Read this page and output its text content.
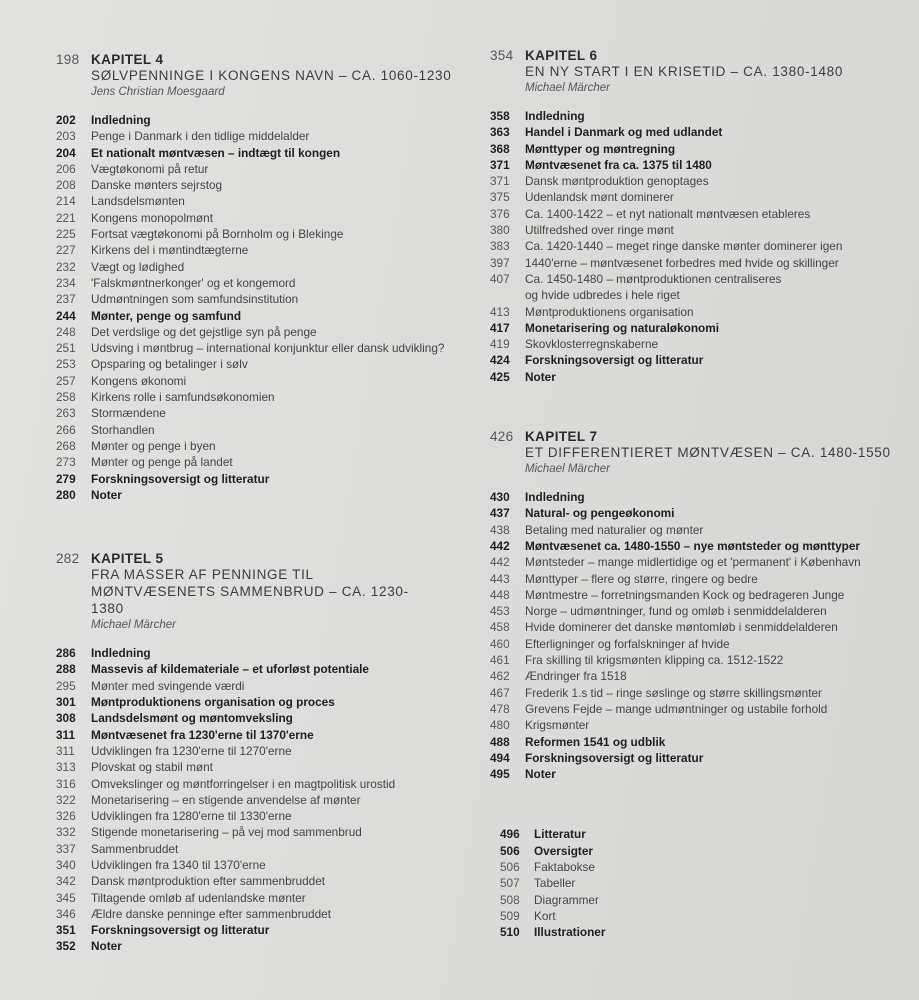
198 KAPITEL 4
SØLVPENNINGE I KONGENS NAVN – CA. 1060-1230
Jens Christian Moesgaard
202	Indledning
203	Penge i Danmark i den tidlige middelalder
204	Et nationalt møntvæsen – indtægt til kongen
206	Vægtøkonomi på retur
208	Danske mønters sejrstog
214	Landsdelsmønten
221	Kongens monopolmønt
225	Fortsat vægtøkonomi på Bornholm og i Blekinge
227	Kirkens del i møntindtægterne
232	Vægt og lødighed
234	'Falskmøntnerkonger' og et kongemord
237	Udmøntningen som samfundsinstitution
244	Mønter, penge og samfund
248	Det verdslige og det gejstlige syn på penge
251	Udsving i møntbrug – international konjunktur eller dansk udvikling?
253	Opsparing og betalinger i sølv
257	Kongens økonomi
258	Kirkens rolle i samfundsøkonomien
263	Stormændene
266	Storhandlen
268	Mønter og penge i byen
273	Mønter og penge på landet
279	Forskningsoversigt og litteratur
280	Noter
282 KAPITEL 5
FRA MASSER AF PENNINGE TIL MØNTVÆSENETS SAMMENBRUD – CA. 1230-1380
Michael Märcher
286	Indledning
288	Massevis af kildemateriale – et uforløst potentiale
295	Mønter med svingende værdi
301	Møntproduktionens organisation og proces
308	Landsdelsmønt og møntomveksling
311	Møntvæsenet fra 1230'erne til 1370'erne
311	Udviklingen fra 1230'erne til 1270'erne
313	Plovskat og stabil mønt
316	Omvekslinger og møntforringelser i en magtpolitisk urostid
322	Monetarisering – en stigende anvendelse af mønter
326	Udviklingen fra 1280'erne til 1330'erne
332	Stigende monetarisering – på vej mod sammenbrud
337	Sammenbruddet
340	Udviklingen fra 1340 til 1370'erne
342	Dansk møntproduktion efter sammenbruddet
345	Tiltagende omløb af udenlandske mønter
346	Ældre danske penninge efter sammenbruddet
351	Forskningsoversigt og litteratur
352	Noter
354 KAPITEL 6
EN NY START I EN KRISETID – CA. 1380-1480
Michael Märcher
358	Indledning
363	Handel i Danmark og med udlandet
368	Mønttyper og møntregning
371	Møntvæsenet fra ca. 1375 til 1480
371	Dansk møntproduktion genoptages
375	Udenlandsk mønt dominerer
376	Ca. 1400-1422 – et nyt nationalt møntvæsen etableres
380	Utilfredshed over ringe mønt
383	Ca. 1420-1440 – meget ringe danske mønter dominerer igen
397	1440'erne – møntvæsenet forbedres med hvide og skillinger
407	Ca. 1450-1480 – møntproduktionen centraliseres
og hvide udbredes i hele riget
413	Møntproduktionens organisation
417	Monetarisering og naturaløkonomi
419	Skovklosterregnskaberne
424	Forskningsoversigt og litteratur
425	Noter
426 KAPITEL 7
ET DIFFERENTIERET MØNTVÆSEN – CA. 1480-1550
Michael Märcher
430	Indledning
437	Natural- og pengeøkonomi
438	Betaling med naturalier og mønter
442	Møntvæsenet ca. 1480-1550 – nye møntsteder og mønttyper
442	Møntsteder – mange midlertidige og et 'permanent' i København
443	Mønttyper – flere og større, ringere og bedre
448	Møntmestre – forretningsmanden Kock og bedrageren Junge
453	Norge – udmøntninger, fund og omløb i senmiddelalderen
458	Hvide dominerer det danske møntomløb i senmiddelalderen
460	Efterligninger og forfalskninger af hvide
461	Fra skilling til krigsmønten klipping ca. 1512-1522
462	Ændringer fra 1518
467	Frederik 1.s tid – ringe søslinge og større skillingsmønter
478	Grevens Fejde – mange udmøntninger og ustabile forhold
480	Krigsmønter
488	Reformen 1541 og udblik
494	Forskningsoversigt og litteratur
495	Noter
496	Litteratur
506	Oversigter
506	Faktabokse
507	Tabeller
508	Diagrammer
509	Kort
510	Illustrationer
